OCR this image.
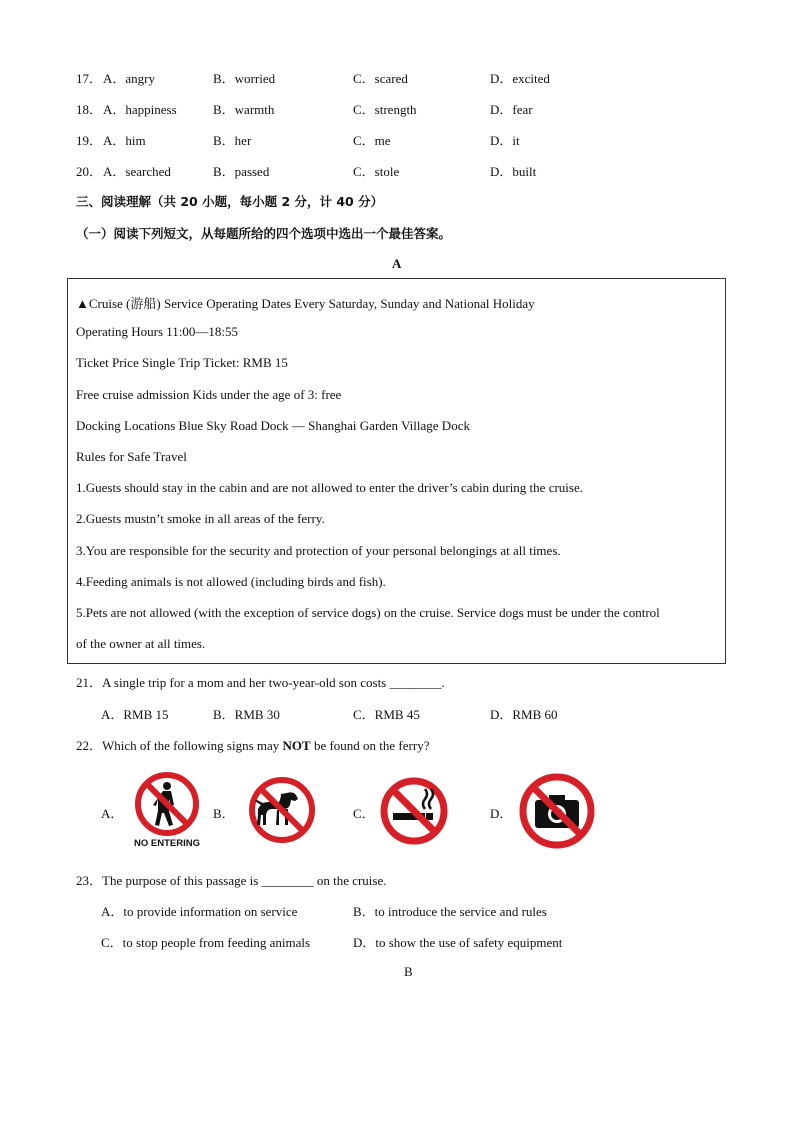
17． A．angry	B．worried	C．scared	D．excited
18． A．happiness	B．warmth	C．strength	D．fear
19． A．him	B．her	C．me	D．it
20． A．searched	B．passed	C．stole	D．built
三、阅读理解（共 20 小题，每小题 2 分，计 40 分）
（一）阅读下列短文，从每题所给的四个选项中选出一个最佳答案。
A
▲Cruise (游船) Service Operating Dates Every Saturday, Sunday and National Holiday
Operating Hours 11:00—18:55
Ticket Price Single Trip Ticket: RMB 15
Free cruise admission Kids under the age of 3: free
Docking Locations Blue Sky Road Dock — Shanghai Garden Village Dock
Rules for Safe Travel
1.Guests should stay in the cabin and are not allowed to enter the driver’s cabin during the cruise.
2.Guests mustn’t smoke in all areas of the ferry.
3.You are responsible for the security and protection of your personal belongings at all times.
4.Feeding animals is not allowed (including birds and fish).
5.Pets are not allowed (with the exception of service dogs) on the cruise. Service dogs must be under the control
of the owner at all times.
21．A single trip for a mom and her two-year-old son costs ________.
A．RMB 15	B．RMB 30	C．RMB 45	D．RMB 60
22．Which of the following signs may NOT be found on the ferry?
A．	B．	C．	D．
NO ENTERING
23．The purpose of this passage is ________ on the cruise.
A．to provide information on service	B．to introduce the service and rules
C．to stop people from feeding animals	D．to show the use of safety equipment
B
